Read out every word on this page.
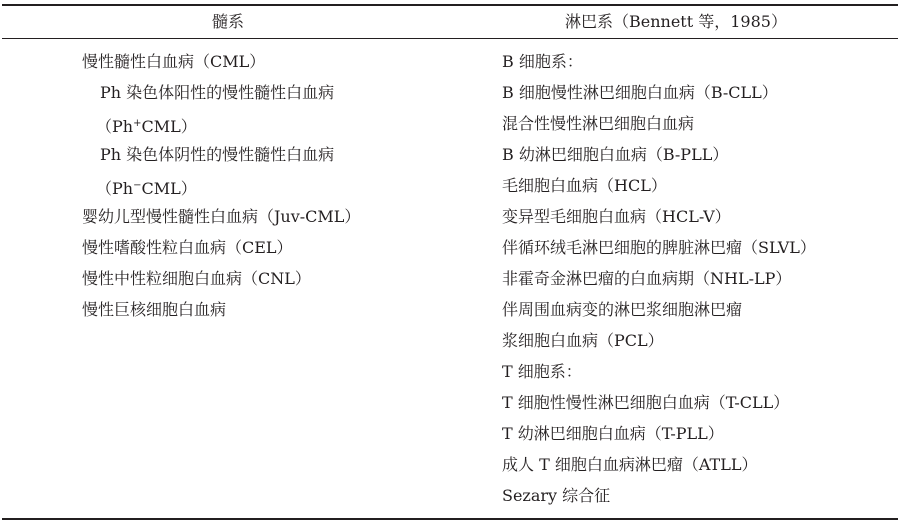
髓系	淋巴系（Bennett 等，1985）
慢性髓性白血病（CML）
Ph 染色体阳性的慢性髓性白血病
（Ph+CML）
Ph 染色体阴性的慢性髓性白血病
（Ph−CML）
婴幼儿型慢性髓性白血病（Juv-CML）
慢性嗜酸性粒白血病（CEL）
慢性中性粒细胞白血病（CNL）
慢性巨核细胞白血病
B 细胞系：
B 细胞慢性淋巴细胞白血病（B-CLL）
混合性慢性淋巴细胞白血病
B 幼淋巴细胞白血病（B-PLL）
毛细胞白血病（HCL）
变异型毛细胞白血病（HCL-V）
伴循环绒毛淋巴细胞的脾脏淋巴瘤（SLVL）
非霍奇金淋巴瘤的白血病期（NHL-LP）
伴周围血病变的淋巴浆细胞淋巴瘤
浆细胞白血病（PCL）
T 细胞系：
T 细胞性慢性淋巴细胞白血病（T-CLL）
T 幼淋巴细胞白血病（T-PLL）
成人 T 细胞白血病淋巴瘤（ATLL）
Sezary 综合征
